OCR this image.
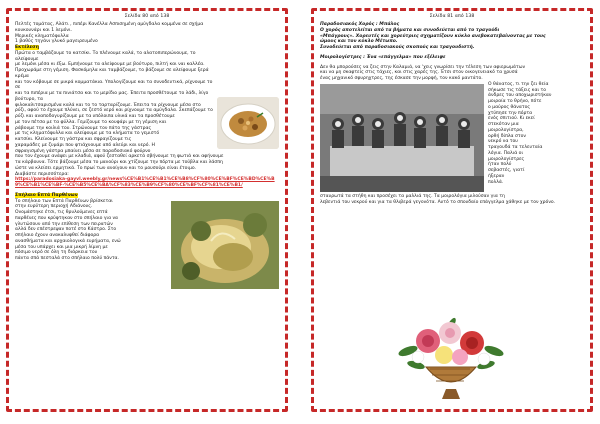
Σελίδα 80 από 138

Πελτές τομάτας, Αλάτι , πιπέρι Κανέλλα Ασπισημένη αμύγδαλα κομμένα σε σχήμα

κουκουνάρι και 1 λεμόνι.

Μερικές κληματόφυλλα

1 βαθύς τηγάνι γλυκό μαγειρευμένο

Εκτέλεση

Πρώτα ο ταμβάζουμε το κατσίκι. Το πλένουμε καλά, το αλατοπιπερώνουμε, το αλείφουμε

με λεμόνι μέσα κι έξω. Εμπήνουμε τα αλείφουμε με βούτυρο, πιλτή και ναι καλλέα.

Προχωράμε στη γέμιση. Φασκόμηλα και ταμβάζουμε, το βάζουμε σε αλείφουμε ξερά κρέμα

και τον κόβουμε σε μικρά κομματάκια. Υπολογίζουμε και τα συνοδευτικά, ρίχνουμε το σε

και τα πιπέρια με τα πινιάτσα και το μερίδιο μας. Έπειτα προσθέτουμε το λάδι, λίγο βούτυρο, τα

φιλοκαλιτσαρισμένα καλά και το το ταρταρίζουμε. Έπειτα τα ρίχνουμε μέσα στο

ρύζι, αφού το έχουμε πλύνει, σε ζεστό νερό και ρίχνουμε τα αμύγδαλα. Σκεπάζουμε το

ρύζι και αναποδογυρίζουμε με τα υπόλοιπα υλικά και τα προσθέτουμε

με τον πέτσα με τα φύλλα. Γεμίζουμε το κουφάρι με τη γέμιση και

ράβουμε την κοιλιά του. Στρώνουμε τον πάτο της γάστρας

με τις κληματόφυλλα και αλείφουμε με τα κλήματα το γεμιστό

κατσίκι. Κλείνουμε τη γάστρα και σφραγίζουμε τις

χαραμάδες με ζυμάρι που φτιάχνουμε από αλεύρι και νερό. Η

σφραγισμένη γάστρα μπαίνει μέσα σε παραδοσιακό φούρνο

που τον έχουμε ανάψει με κλαδιά, αφού ζεσταθεί αρκετά σβήνουμε τη φωτιά και αφήνουμε

τα κάρβουνα. Τότε βάζουμε μέσα το μανούρι και χτίζουμε την πόρτα με τούβλα και λάσπη

ώστε να κλείσει ερμητικά. Το πρωί των ανοίγουν και το μουσούρι είναι έτοιμο.

Διαβάστε περισσότερα:

https://paradosiaka-gayvl.weebly.gr/news%CE%B1%CE%B1%CE%B8%CF%80%CE%BF%CE%BD%CE%B9%CE%B1%CE%BF-%CE%B5%CE%BA%CF%83%CE%B9%CF%80%CE%BF%CF%81%CE%B1/

Σπήλαιο Επτά Παρθένων

Το σπήλαιο των Επτά Παρθένων βρίσκεται

στην ευρύτερη περιοχή Αδιάνους.

Ονομάστηκε έτσι, τις θρυλούμενες επτά

παρθένες που κρύφτηκαν στο σπήλαιο για να

γλυτώσουν από την επίθεση των πειρατών

αλλά δεν επέστρεψαν ποτέ στο Κάστρο. Στο

σπήλαιο έχουν ανακαλυφθεί διάφορα

ανασθήματα και αρχαιολογικά ευρήματα, ενώ

μέσα του υπάρχει και μια μικρή λίμνη με

πόσιμο νερό σε όλη τη διάρκεια του

πάντα σπά πεσταλά στο σπήλαιο πολύ πάντα.

Σελίδα 81 από 138

Παραδοσιακός Χορός : Μπάλος

Ο χορός αποτελείται από τα βήματα και συνοδεύεται από το τραγούδι

«Μπάγρους». Χορευτές και χορεύτριες σχηματίζουν κύκλο ανεβοκατεβαίνοντας με τους

ώμους και τον κύκλο Μέτωπο.

Συνοδεύεται από παραδοσιακούς σκοπούς και τραγουδιστή.

Μοιρολογίστρες : Ένα «επάγγελμα» που εξέλειψε

Δεν θα μπορούσες να ζεις στην Καλαμιά, να 'χεις γνωρίσει την τέλεση των αφιερωμάτων

και να μη σκαφτείς στις τάχιες, και στις χαρές της. Έτσι στον οικογενειακό τα χρυσά

ένας μηχανικό σφυρηχτρες, της έσκασε την μορφή, τον κακό μαντάτο.

Ο θάνατος, τι την ζει θεία

σήκωσε τις τάξεις και το

άνδρες του αποχωριστήκαν

μοιραία το θρήνο, πότε

ο μαύρος θάνατος

χτύπησε την πόρτα

ενός σπιτιού. Κι εκεί

στεκόταν μια

μοιρολογίστρα,

ορθή δίπλα στον

νεκρό να του

τραγουδά τα τελευταία

λόγια. Παλιά οι

μοιρολογίστρες

ήταν πολύ

σεβαστές, γιατί

ήξεραν

πολλά.

σταυρωτά τα στήθη και προσέχει τα μαλλιά της. Τα μοιρολόγια μιλούσαν για τη

λεβεντιά του νεκρού και για τα θλιβερά γεγονότα. Αυτό το σπουδαίο επάγγελμα χάθηκε με τον χρόνο.
